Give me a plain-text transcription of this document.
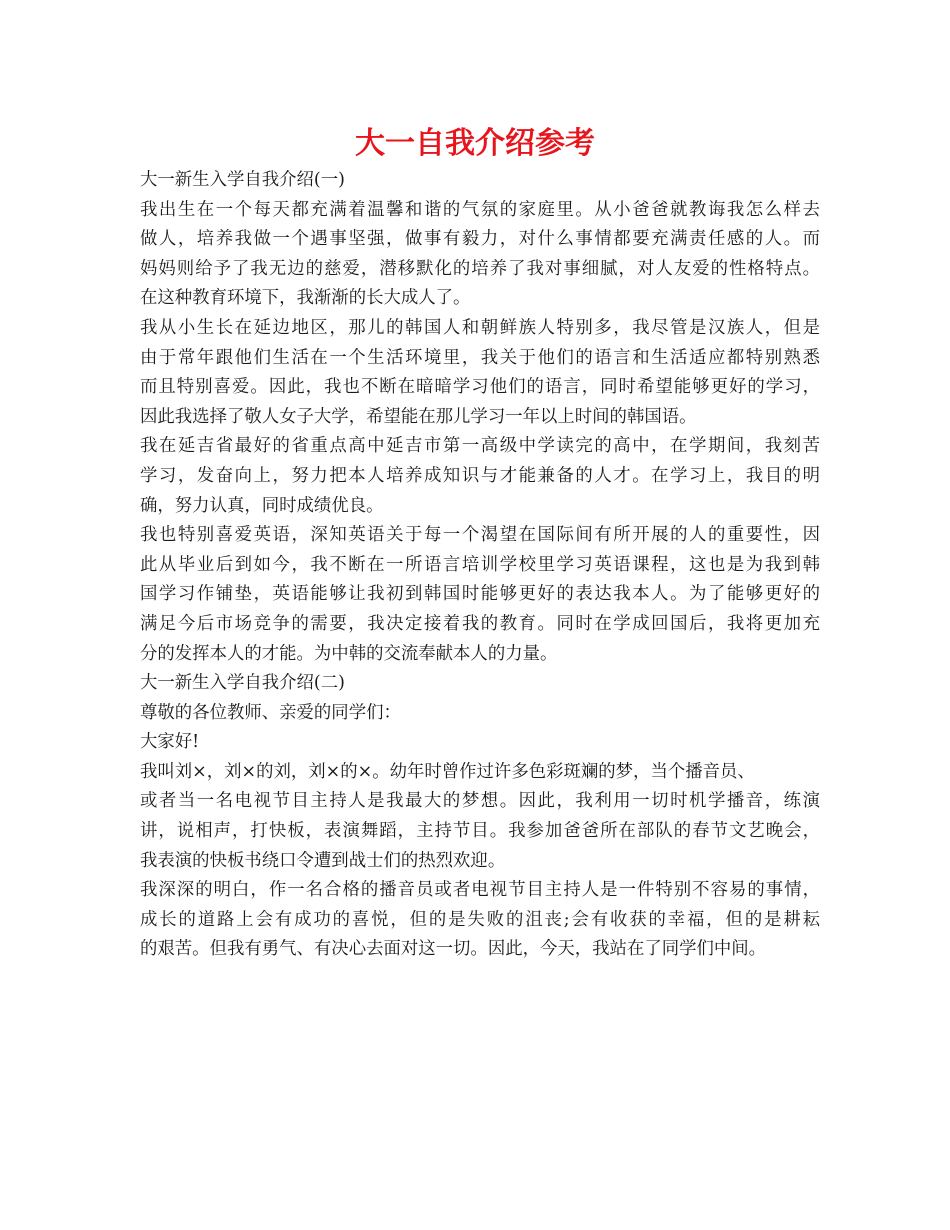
大一自我介绍参考
大一新生入学自我介绍(一)
我出生在一个每天都充满着温馨和谐的气氛的家庭里。从小爸爸就教诲我怎么样去
做人，培养我做一个遇事坚强，做事有毅力，对什么事情都要充满责任感的人。而
妈妈则给予了我无边的慈爱，潜移默化的培养了我对事细腻，对人友爱的性格特点。
在这种教育环境下，我渐渐的长大成人了。
我从小生长在延边地区，那儿的韩国人和朝鲜族人特别多，我尽管是汉族人，但是
由于常年跟他们生活在一个生活环境里，我关于他们的语言和生活适应都特别熟悉
而且特别喜爱。因此，我也不断在暗暗学习他们的语言，同时希望能够更好的学习，
因此我选择了敬人女子大学，希望能在那儿学习一年以上时间的韩国语。
我在延吉省最好的省重点高中延吉市第一高级中学读完的高中，在学期间，我刻苦
学习，发奋向上，努力把本人培养成知识与才能兼备的人才。在学习上，我目的明
确，努力认真，同时成绩优良。
我也特别喜爱英语，深知英语关于每一个渴望在国际间有所开展的人的重要性，因
此从毕业后到如今，我不断在一所语言培训学校里学习英语课程，这也是为我到韩
国学习作铺垫，英语能够让我初到韩国时能够更好的表达我本人。为了能够更好的
满足今后市场竞争的需要，我决定接着我的教育。同时在学成回国后，我将更加充
分的发挥本人的才能。为中韩的交流奉献本人的力量。
大一新生入学自我介绍(二)
尊敬的各位教师、亲爱的同学们：
大家好!
我叫刘×，刘×的刘，刘×的×。幼年时曾作过许多色彩斑斓的梦，当个播音员、
或者当一名电视节目主持人是我最大的梦想。因此，我利用一切时机学播音，练演
讲，说相声，打快板，表演舞蹈，主持节目。我参加爸爸所在部队的春节文艺晚会，
我表演的快板书绕口令遭到战士们的热烈欢迎。
我深深的明白，作一名合格的播音员或者电视节目主持人是一件特别不容易的事情，
成长的道路上会有成功的喜悦，但的是失败的沮丧;会有收获的幸福，但的是耕耘
的艰苦。但我有勇气、有决心去面对这一切。因此，今天，我站在了同学们中间。
